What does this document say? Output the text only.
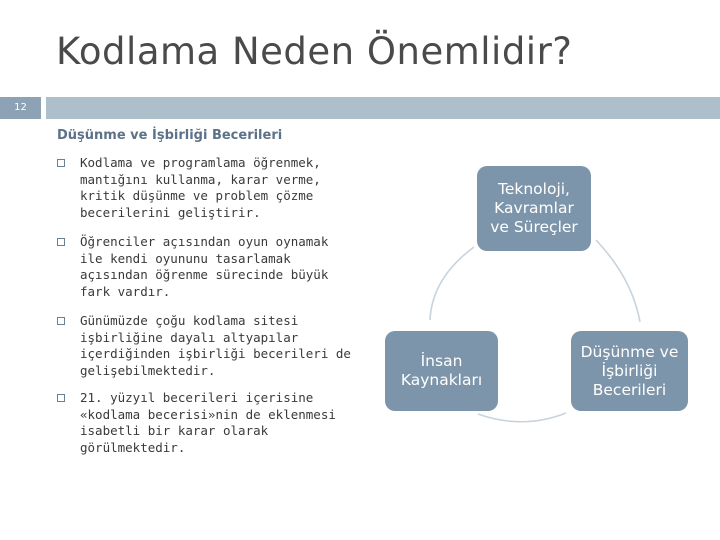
Kodlama Neden Önemlidir?
12
Düşünme ve İşbirliği Becerileri
Kodlama ve programlama öğrenmek, mantığını kullanma, karar verme, kritik düşünme ve problem çözme becerilerini geliştirir.
Öğrenciler açısından oyun oynamak ile kendi oyununu tasarlamak açısından öğrenme sürecinde büyük fark vardır.
Günümüzde çoğu kodlama sitesi işbirliğine dayalı altyapılar içerdiğinden işbirliği becerileri de gelişebilmektedir.
21. yüzyıl becerileri içerisine «kodlama becerisi»nin de eklenmesi isabetli bir karar olarak görülmektedir.
Teknoloji,
Kavramlar
ve Süreçler
İnsan
Kaynakları
Düşünme ve
İşbirliği
Becerileri
